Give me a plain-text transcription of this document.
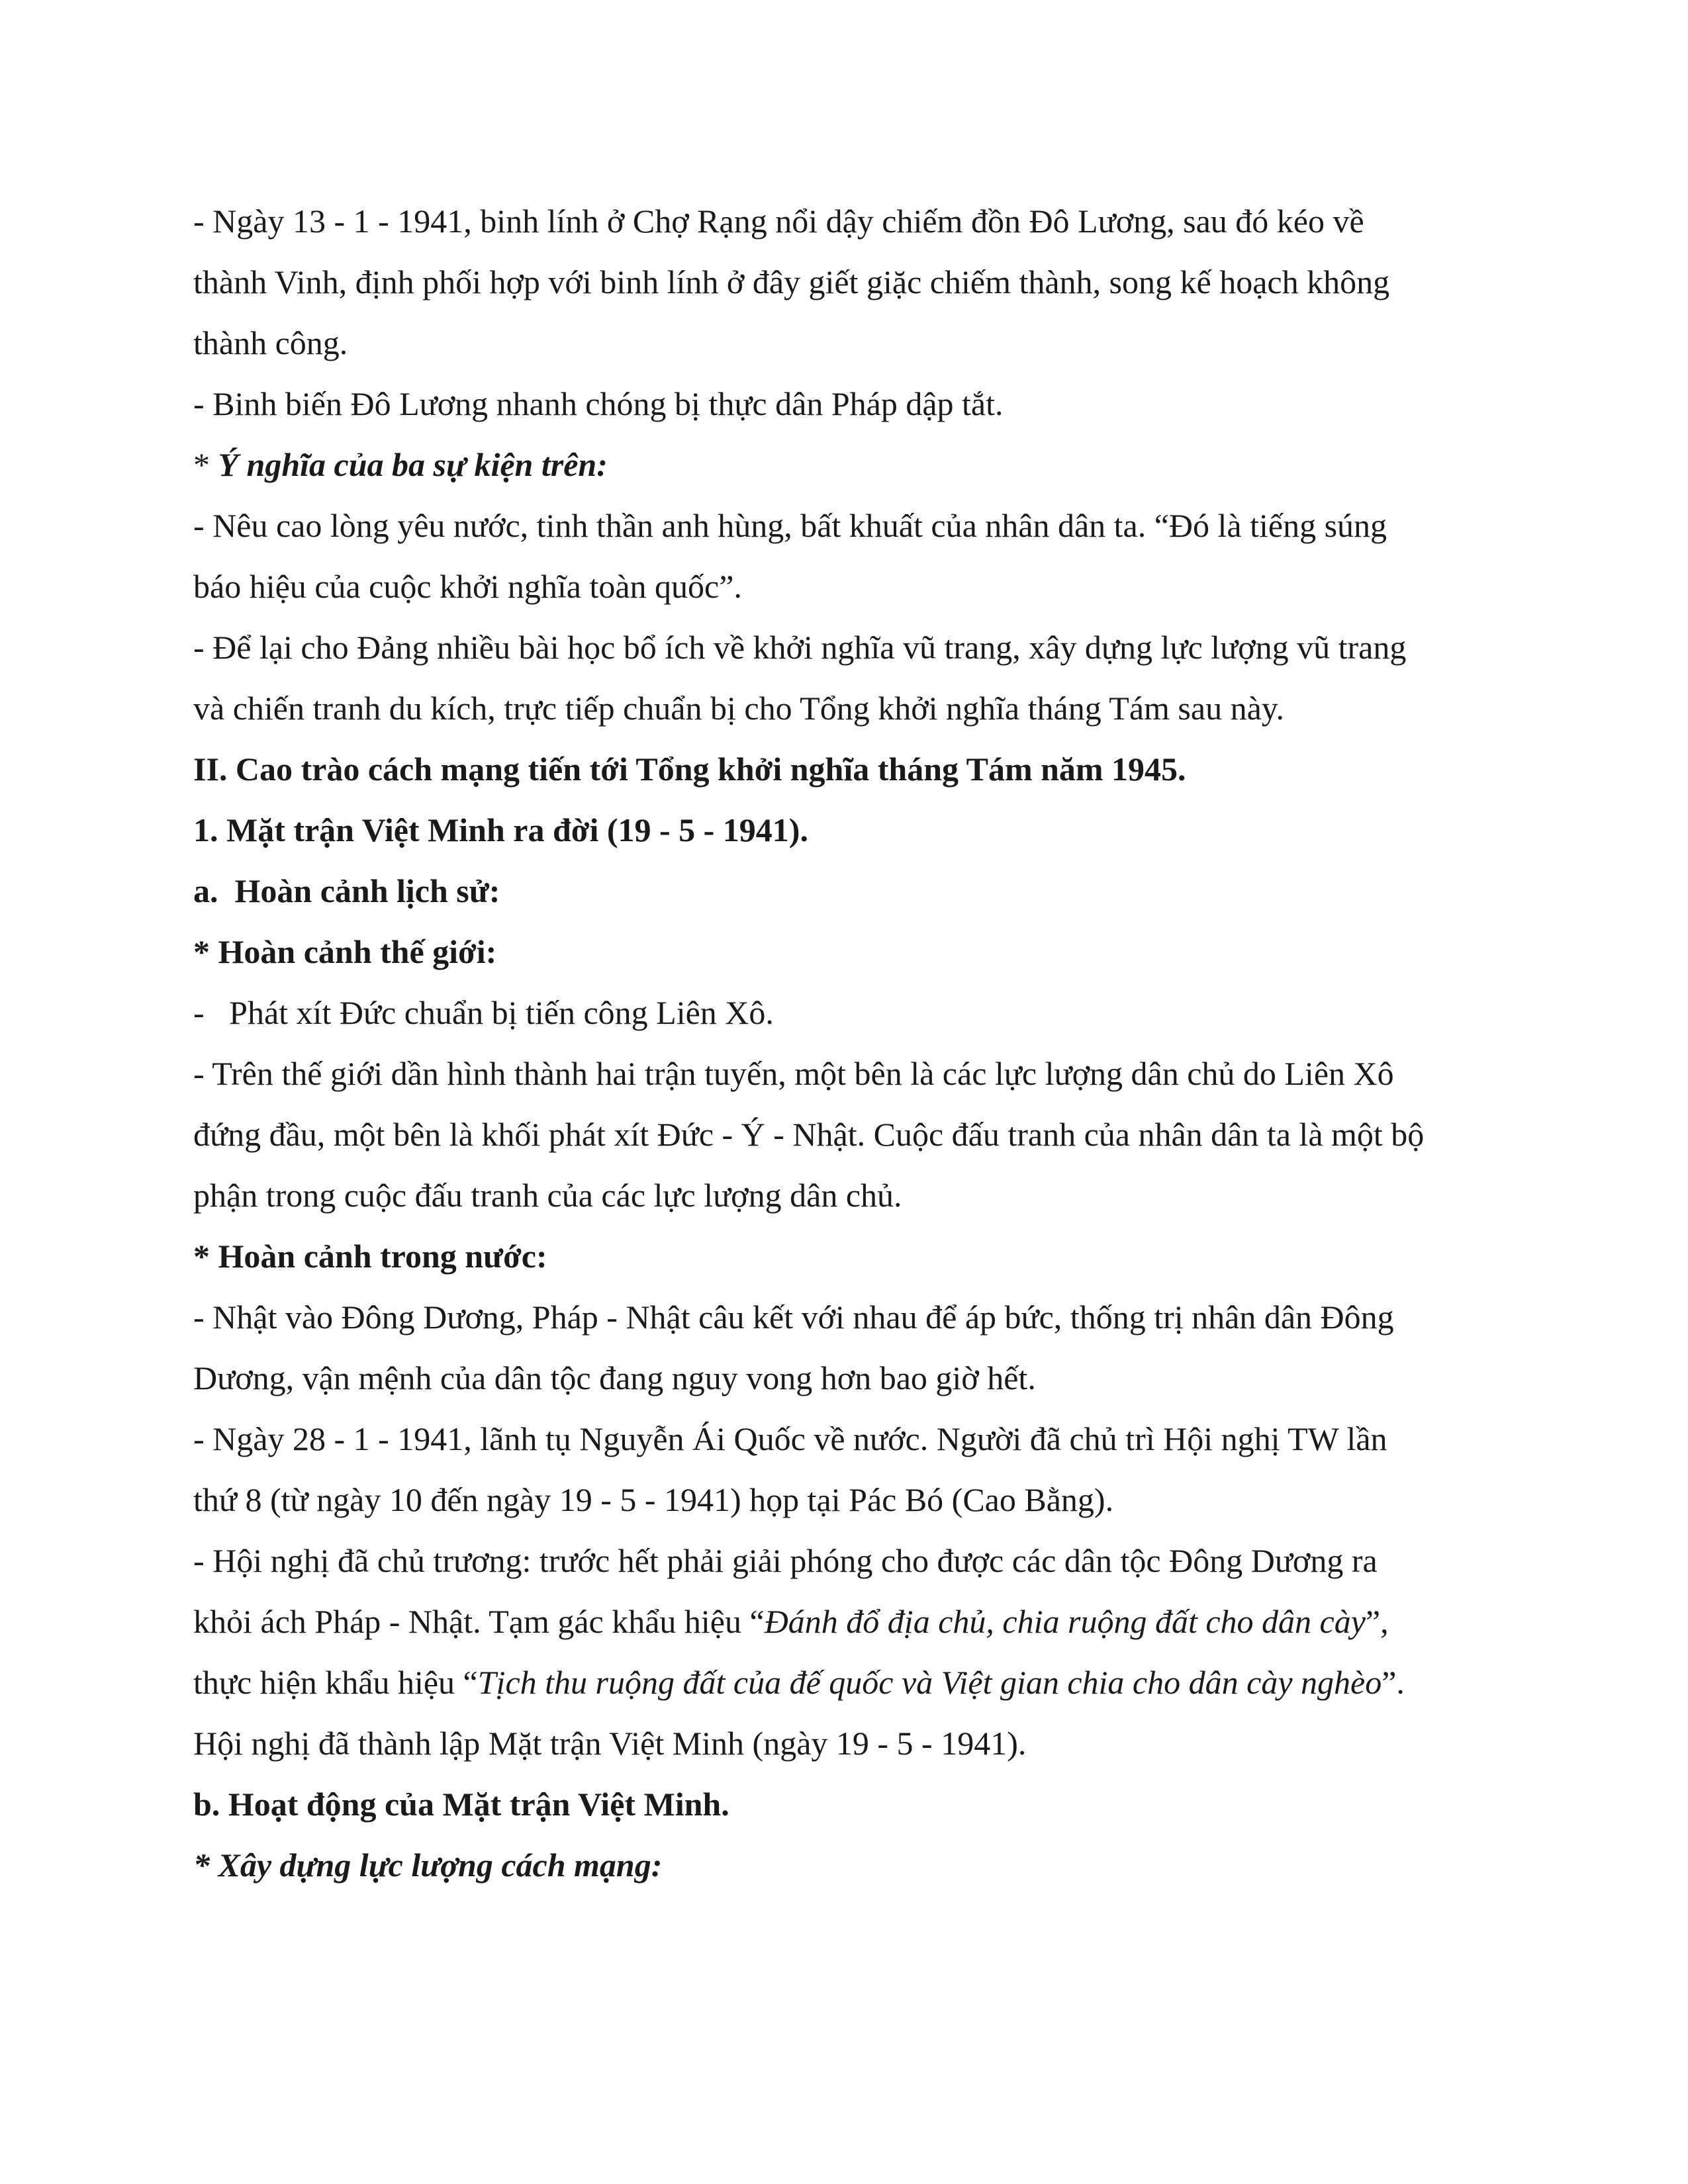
- Ngày 13 - 1 - 1941, binh lính ở Chợ Rạng nổi dậy chiếm đồn Đô Lương, sau đó kéo về

thành Vinh, định phối hợp với binh lính ở đây giết giặc chiếm thành, song kế hoạch không

thành công.

- Binh biến Đô Lương nhanh chóng bị thực dân Pháp dập tắt.

* Ý nghĩa của ba sự kiện trên:

- Nêu cao lòng yêu nước, tinh thần anh hùng, bất khuất của nhân dân ta. “Đó là tiếng súng

báo hiệu của cuộc khởi nghĩa toàn quốc”.

- Để lại cho Đảng nhiều bài học bổ ích về khởi nghĩa vũ trang, xây dựng lực lượng vũ trang

và chiến tranh du kích, trực tiếp chuẩn bị cho Tổng khởi nghĩa tháng Tám sau này.

II. Cao trào cách mạng tiến tới Tổng khởi nghĩa tháng Tám năm 1945.

1. Mặt trận Việt Minh ra đời (19 - 5 - 1941).

a.  Hoàn cảnh lịch sử:

* Hoàn cảnh thế giới:

-   Phát xít Đức chuẩn bị tiến công Liên Xô.

- Trên thế giới dần hình thành hai trận tuyến, một bên là các lực lượng dân chủ do Liên Xô

đứng đầu, một bên là khối phát xít Đức - Ý - Nhật. Cuộc đấu tranh của nhân dân ta là một bộ

phận trong cuộc đấu tranh của các lực lượng dân chủ.

* Hoàn cảnh trong nước:

- Nhật vào Đông Dương, Pháp - Nhật câu kết với nhau để áp bức, thống trị nhân dân Đông

Dương, vận mệnh của dân tộc đang nguy vong hơn bao giờ hết.

- Ngày 28 - 1 - 1941, lãnh tụ Nguyễn Ái Quốc về nước. Người đã chủ trì Hội nghị TW lần

thứ 8 (từ ngày 10 đến ngày 19 - 5 - 1941) họp tại Pác Bó (Cao Bằng).

- Hội nghị đã chủ trương: trước hết phải giải phóng cho được các dân tộc Đông Dương ra

khỏi ách Pháp - Nhật. Tạm gác khẩu hiệu “Đánh đổ địa chủ, chia ruộng đất cho dân cày”,

thực hiện khẩu hiệu “Tịch thu ruộng đất của đế quốc và Việt gian chia cho dân cày nghèo”.

Hội nghị đã thành lập Mặt trận Việt Minh (ngày 19 - 5 - 1941).

b. Hoạt động của Mặt trận Việt Minh.

* Xây dựng lực lượng cách mạng:
